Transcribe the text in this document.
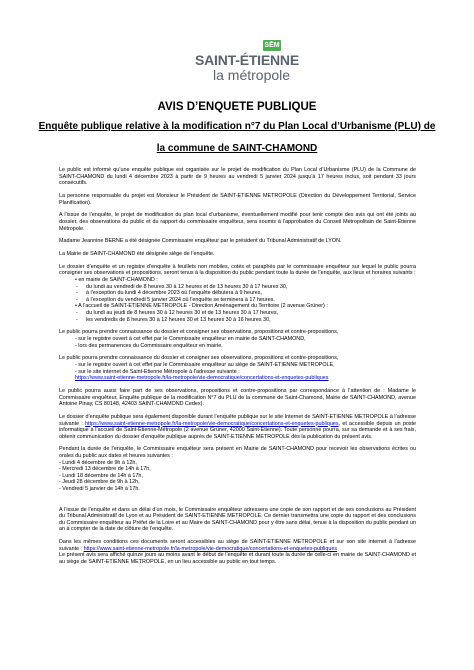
SĒM
SAINT-ÉTIENNE
la métropole
AVIS D’ENQUETE PUBLIQUE
Enquête publique relative à la modification n°7 du Plan Local d’Urbanisme (PLU) de
la commune de SAINT-CHAMOND

Le public est informé qu’une enquête publique est organisée sur le projet de modification du Plan Local d’Urbanisme (PLU) de la Commune de SAINT-CHAMOND du lundi 4 décembre 2023 à partir de 9 heures au vendredi 5 janvier 2024 jusqu’à 17 heures inclus, soit pendant 33 jours consécutifs.

La personne responsable du projet est Monsieur le Président de SAINT-ETIENNE METROPOLE (Direction du Développement Territorial, Service Planification).

A l’issue de l’enquête, le projet de modification du plan local d’urbanisme, éventuellement modifié pour tenir compte des avis qui ont été joints au dossier, des observations du public et du rapport du commissaire enquêteur, sera soumis à l’approbation du Conseil Métropolitain de Saint-Etienne Métropole.

Madame Jeannine BERNE a été désignée Commissaire enquêteur par le président du Tribunal Administratif de LYON.

La Mairie de SAINT-CHAMOND été désignée siège de l’enquête.

Le dossier d’enquête et un registre d’enquête à feuillets non mobiles, cotés et paraphés par le commissaire enquêteur sur lequel le public pourra consigner ses observations et propositions, seront tenus à la disposition du public pendant toute la durée de l’enquête, aux lieux et horaires suivants :

• en mairie de SAINT-CHAMOND :
- du lundi au vendredi de 8 heures 30 à 12 heures et de 13 heures 30 à 17 heures 30,
- à l’exception du lundi 4 décembre 2023 où l’enquête débutera à 9 heures,
- à l’exception du vendredi 5 janvier 2024 où l’enquête se terminera à 17 heures.
• A l’accueil de SAINT-ETIENNE METROPOLE - Direction Aménagement du Territoire (2 avenue Grüner) :
- du lundi au jeudi de 8 heures 30 à 12 heures 30 et de 13 heures 30 à 17 heures,
- les vendredis de 8 heures 30 à 12 heures 30 et 13 heures 30 à 16 heures 30,
Le public pourra prendre connaissance du dossier et consigner ses observations, propositions et contre-propositions,
- sur le registre ouvert à cet effet par le Commissaire enquêteur en mairie de SAINT-CHAMOND,
- lors des permanences du Commissaire enquêteur en mairie.
Le public pourra prendre connaissance du dossier et consigner ses observations, propositions et contre-propositions,
- sur le registre ouvert à cet effet par le Commissaire enquêteur au siège de SAINT-ETIENNE METROPOLE,
- sur le site internet de Saint-Etienne Métropole à l’adresse suivante :
https://www.saint-etienne-metropole.fr/la-metropole/vie-democratique/concertations-et-enquetes-publiques

Le public pourra aussi faire part de ses observations, propositions et contre-propositions par correspondance à l’attention de : Madame le Commissaire enquêteur, Enquête publique de la modification N°7 du PLU de la commune de Saint-Chamond, Mairie de SAINT-CHAMOND, avenue Antoine Pinay, CS 80148, 42403 SAINT-CHAMOND Cedex).

Le dossier d’enquête publique sera également disponible durant l’enquête publique sur le site Internet de SAINT-ETIENNE METROPOLE à l’adresse suivante : https://www.saint-etienne-metropole.fr/la-metropole/vie-democratique/concertations-et-enquetes-publiques, et accessible depuis un poste informatique à l’accueil de Saint-Etienne-Métropole (2 avenue Grüner, 42000 Saint-Etienne). Toute personne pourra, sur sa demande et à ses frais, obtenir communication du dossier d’enquête publique auprès de SAINT-ETIENNE METROPOLE dès la publication du présent avis.

Pendant la durée de l’enquête, le Commissaire enquêteur sera présent en Mairie de SAINT-CHAMOND pour recevoir les observations écrites ou orales du public aux dates et heures suivantes :

- Lundi 4 décembre de 9h à 12h,
- Mercredi 13 décembre de 14h à 17h,
- Lundi 18 décembre de 14h à 17h,
- Jeudi 28 décembre de 9h à 12h,
- Vendredi 5 janvier de 14h à 17h.

A l’issue de l’enquête et dans un délai d’un mois, le Commissaire enquêteur adressera une copie de son rapport et de ses conclusions au Président du Tribunal Administratif de Lyon et au Président de SAINT-ETIENNE METROPOLE. Ce dernier transmettra une copie du rapport et des conclusions du Commissaire enquêteur au Préfet de la Loire et au Maire de SAINT-CHAMOND pour y être sans délai, tenue à la disposition du public pendant un an à compter de la date de clôture de l’enquête.

Dans les mêmes conditions ces documents seront accessibles au siège de SAINT-ETIENNE METROPOLE et sur son site internet à l’adresse suivante : https://www.saint-etienne-metropole.fr/la-metropole/vie-democratique/concertations-et-enquetes-publiques

Le présent avis sera affiché quinze jours au moins avant le début de l’enquête et durant toute la durée de celle-ci en mairie de SAINT-CHAMOND et au siège de SAINT-ETIENNE METROPOLE, en un lieu accessible au public en tout temps.
